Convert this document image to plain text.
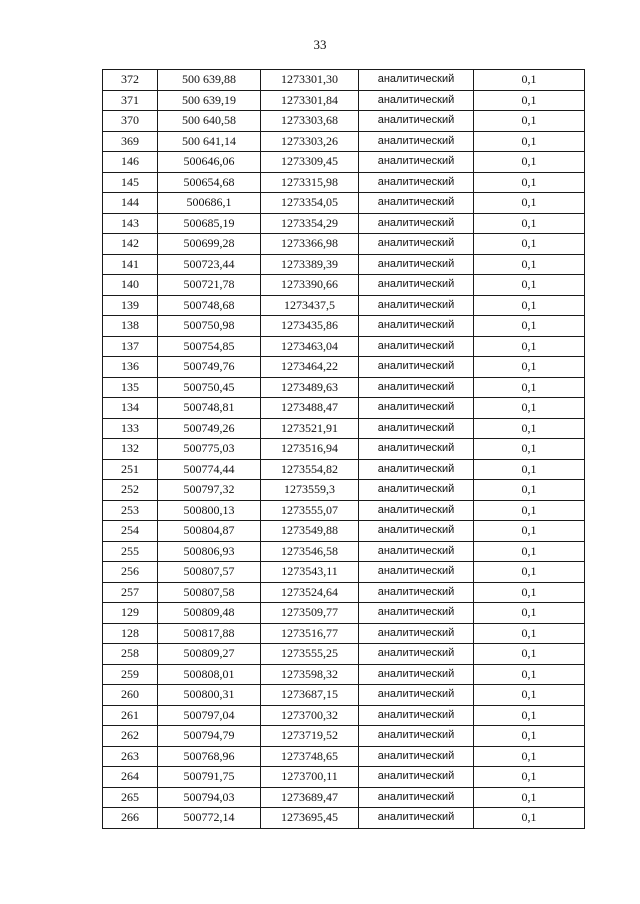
33
372	500 639,88	1273301,30	аналитический	0,1
371	500 639,19	1273301,84	аналитический	0,1
370	500 640,58	1273303,68	аналитический	0,1
369	500 641,14	1273303,26	аналитический	0,1
146	500646,06	1273309,45	аналитический	0,1
145	500654,68	1273315,98	аналитический	0,1
144	500686,1	1273354,05	аналитический	0,1
143	500685,19	1273354,29	аналитический	0,1
142	500699,28	1273366,98	аналитический	0,1
141	500723,44	1273389,39	аналитический	0,1
140	500721,78	1273390,66	аналитический	0,1
139	500748,68	1273437,5	аналитический	0,1
138	500750,98	1273435,86	аналитический	0,1
137	500754,85	1273463,04	аналитический	0,1
136	500749,76	1273464,22	аналитический	0,1
135	500750,45	1273489,63	аналитический	0,1
134	500748,81	1273488,47	аналитический	0,1
133	500749,26	1273521,91	аналитический	0,1
132	500775,03	1273516,94	аналитический	0,1
251	500774,44	1273554,82	аналитический	0,1
252	500797,32	1273559,3	аналитический	0,1
253	500800,13	1273555,07	аналитический	0,1
254	500804,87	1273549,88	аналитический	0,1
255	500806,93	1273546,58	аналитический	0,1
256	500807,57	1273543,11	аналитический	0,1
257	500807,58	1273524,64	аналитический	0,1
129	500809,48	1273509,77	аналитический	0,1
128	500817,88	1273516,77	аналитический	0,1
258	500809,27	1273555,25	аналитический	0,1
259	500808,01	1273598,32	аналитический	0,1
260	500800,31	1273687,15	аналитический	0,1
261	500797,04	1273700,32	аналитический	0,1
262	500794,79	1273719,52	аналитический	0,1
263	500768,96	1273748,65	аналитический	0,1
264	500791,75	1273700,11	аналитический	0,1
265	500794,03	1273689,47	аналитический	0,1
266	500772,14	1273695,45	аналитический	0,1
